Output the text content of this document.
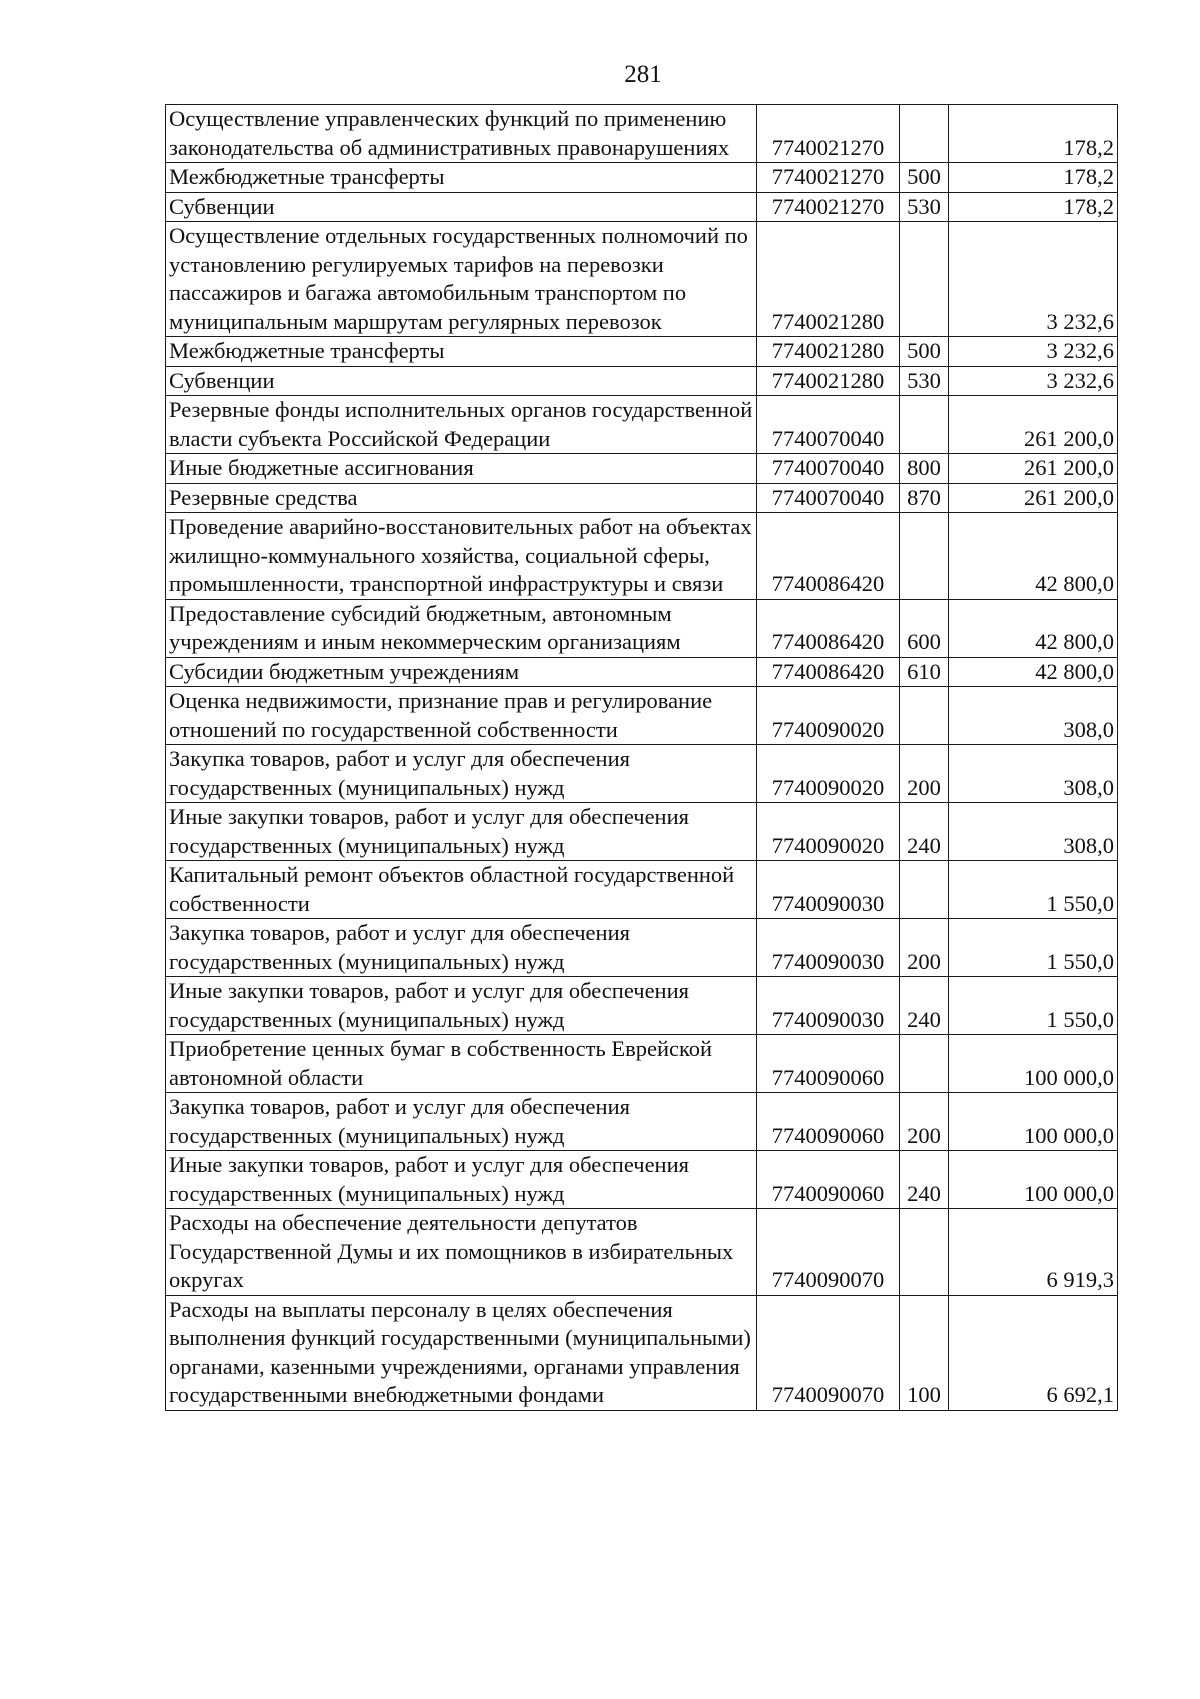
281
Осуществление управленческих функций по применению законодательства об административных правонарушениях	7740021270		178,2
Межбюджетные трансферты	7740021270	500	178,2
Субвенции	7740021270	530	178,2
Осуществление отдельных государственных полномочий по установлению регулируемых тарифов на перевозки пассажиров и багажа автомобильным транспортом по муниципальным маршрутам регулярных перевозок	7740021280		3 232,6
Межбюджетные трансферты	7740021280	500	3 232,6
Субвенции	7740021280	530	3 232,6
Резервные фонды исполнительных органов государственной власти субъекта Российской Федерации	7740070040		261 200,0
Иные бюджетные ассигнования	7740070040	800	261 200,0
Резервные средства	7740070040	870	261 200,0
Проведение аварийно-восстановительных работ на объектах жилищно-коммунального хозяйства, социальной сферы, промышленности, транспортной инфраструктуры и связи	7740086420		42 800,0
Предоставление субсидий бюджетным, автономным учреждениям и иным некоммерческим организациям	7740086420	600	42 800,0
Субсидии бюджетным учреждениям	7740086420	610	42 800,0
Оценка недвижимости, признание прав и регулирование отношений по государственной собственности	7740090020		308,0
Закупка товаров, работ и услуг для обеспечения государственных (муниципальных) нужд	7740090020	200	308,0
Иные закупки товаров, работ и услуг для обеспечения государственных (муниципальных) нужд	7740090020	240	308,0
Капитальный ремонт объектов областной государственной собственности	7740090030		1 550,0
Закупка товаров, работ и услуг для обеспечения государственных (муниципальных) нужд	7740090030	200	1 550,0
Иные закупки товаров, работ и услуг для обеспечения государственных (муниципальных) нужд	7740090030	240	1 550,0
Приобретение ценных бумаг в собственность Еврейской автономной области	7740090060		100 000,0
Закупка товаров, работ и услуг для обеспечения государственных (муниципальных) нужд	7740090060	200	100 000,0
Иные закупки товаров, работ и услуг для обеспечения государственных (муниципальных) нужд	7740090060	240	100 000,0
Расходы на обеспечение деятельности депутатов Государственной Думы и их помощников в избирательных округах	7740090070		6 919,3
Расходы на выплаты персоналу в целях обеспечения выполнения функций государственными (муниципальными) органами, казенными учреждениями, органами управления государственными внебюджетными фондами	7740090070	100	6 692,1
